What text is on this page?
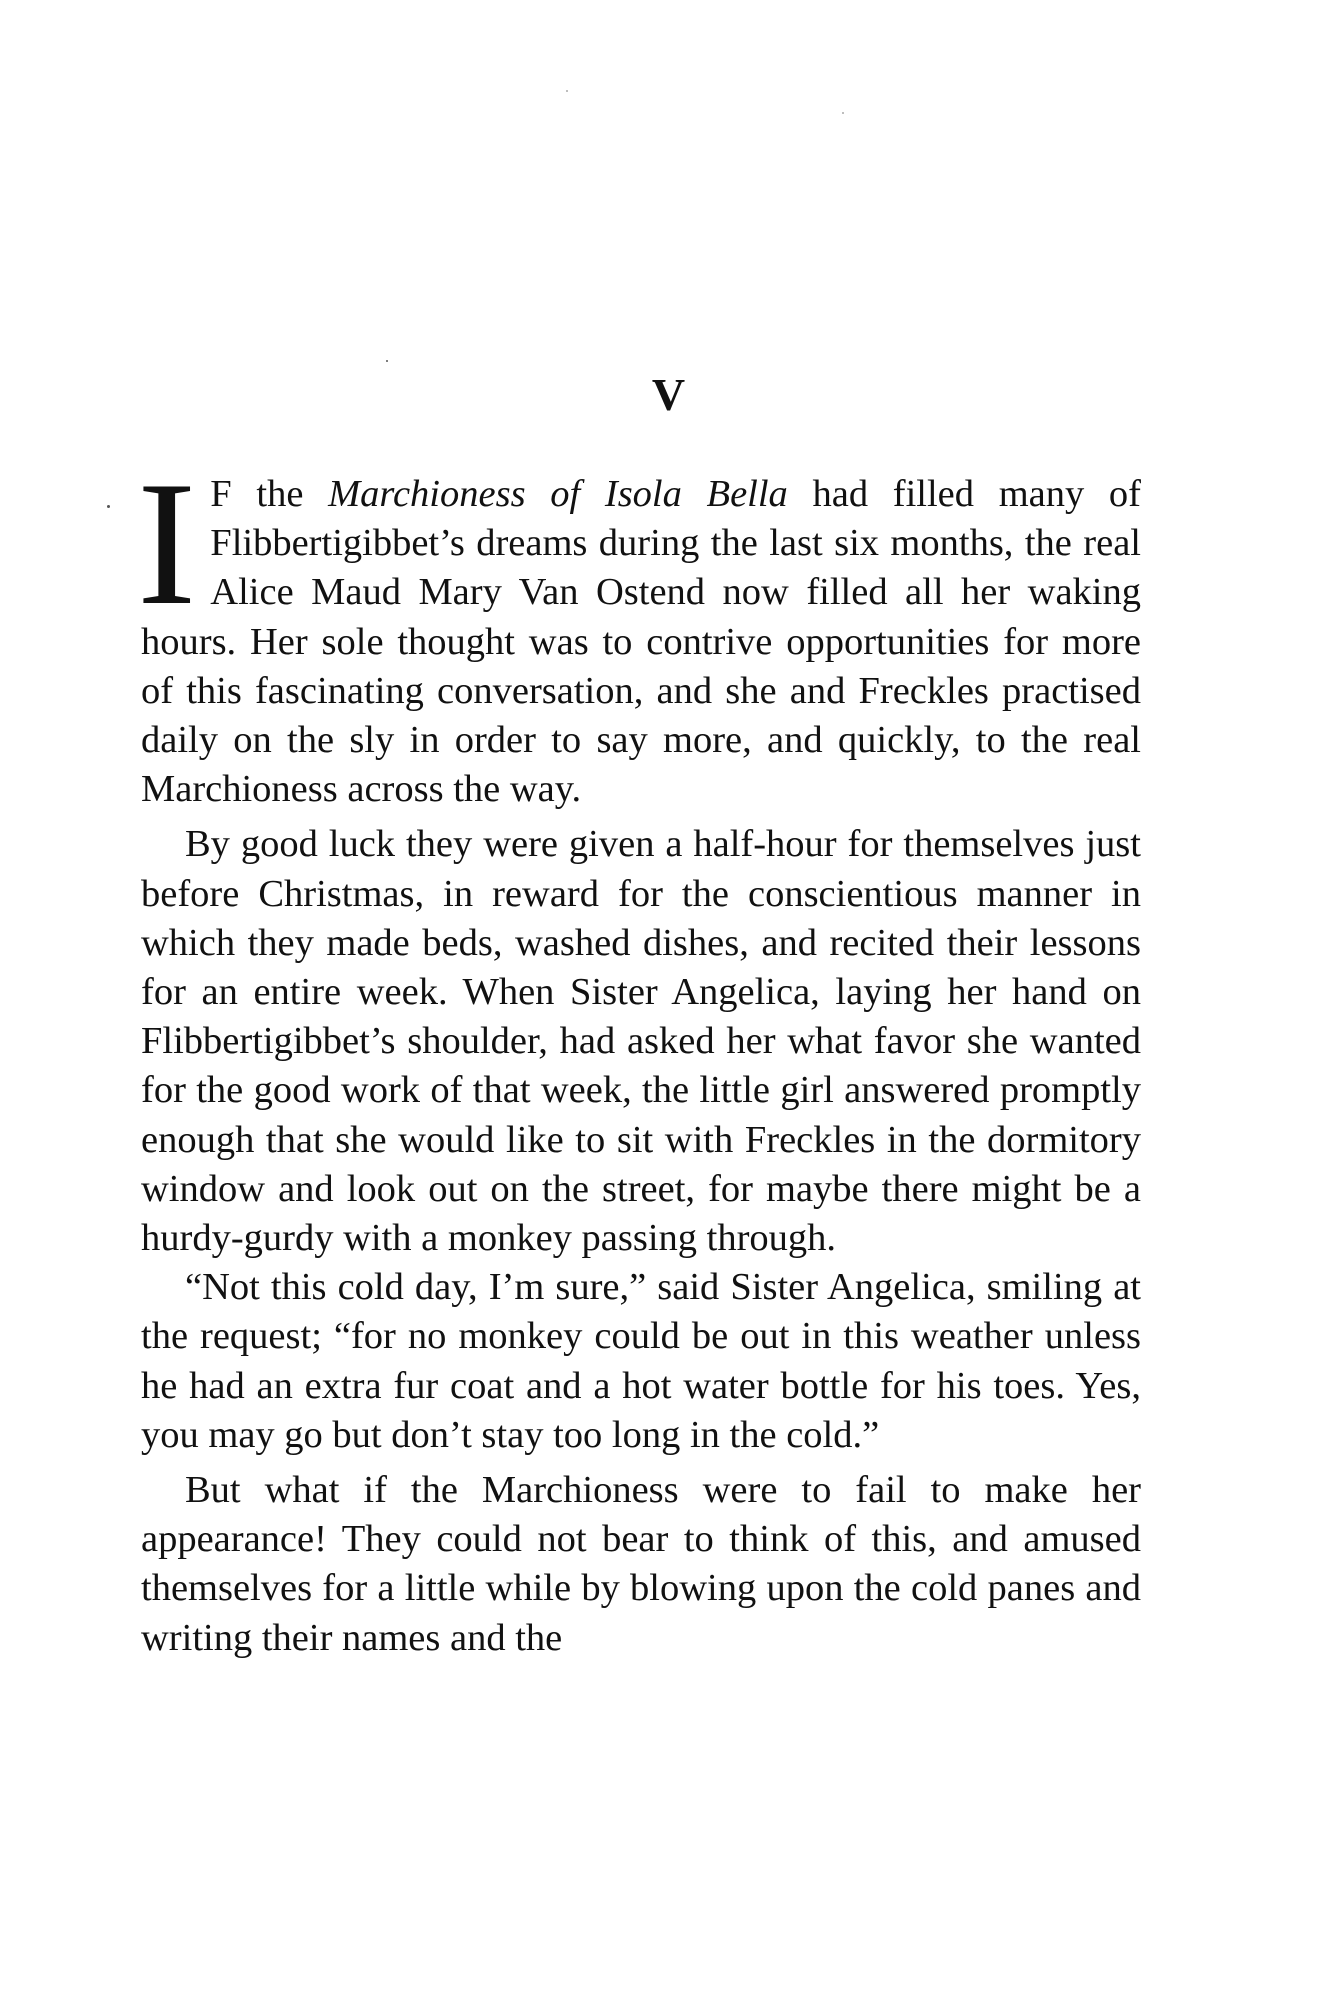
V

I F the Marchioness of Isola Bella had filled many of Flibbertigibbet’s dreams during the last six months, the real Alice Maud Mary Van Ostend now filled all her waking hours. Her sole thought was to contrive opportunities for more of this fascinating conversation, and she and Freckles practised daily on the sly in order to say more, and quickly, to the real Marchioness across the way.

By good luck they were given a half-hour for themselves just before Christmas, in reward for the conscientious manner in which they made beds, washed dishes, and recited their lessons for an entire week. When Sister Angelica, laying her hand on Flibbertigibbet’s shoulder, had asked her what favor she wanted for the good work of that week, the little girl answered promptly enough that she would like to sit with Freckles in the dormitory window and look out on the street, for maybe there might be a hurdy-gurdy with a monkey passing through.

“Not this cold day, I’m sure,” said Sister Angelica, smiling at the request; “for no monkey could be out in this weather unless he had an extra fur coat and a hot water bottle for his toes. Yes, you may go but don’t stay too long in the cold.”

But what if the Marchioness were to fail to make her appearance! They could not bear to think of this, and amused themselves for a little while by blowing upon the cold panes and writing their names and the
